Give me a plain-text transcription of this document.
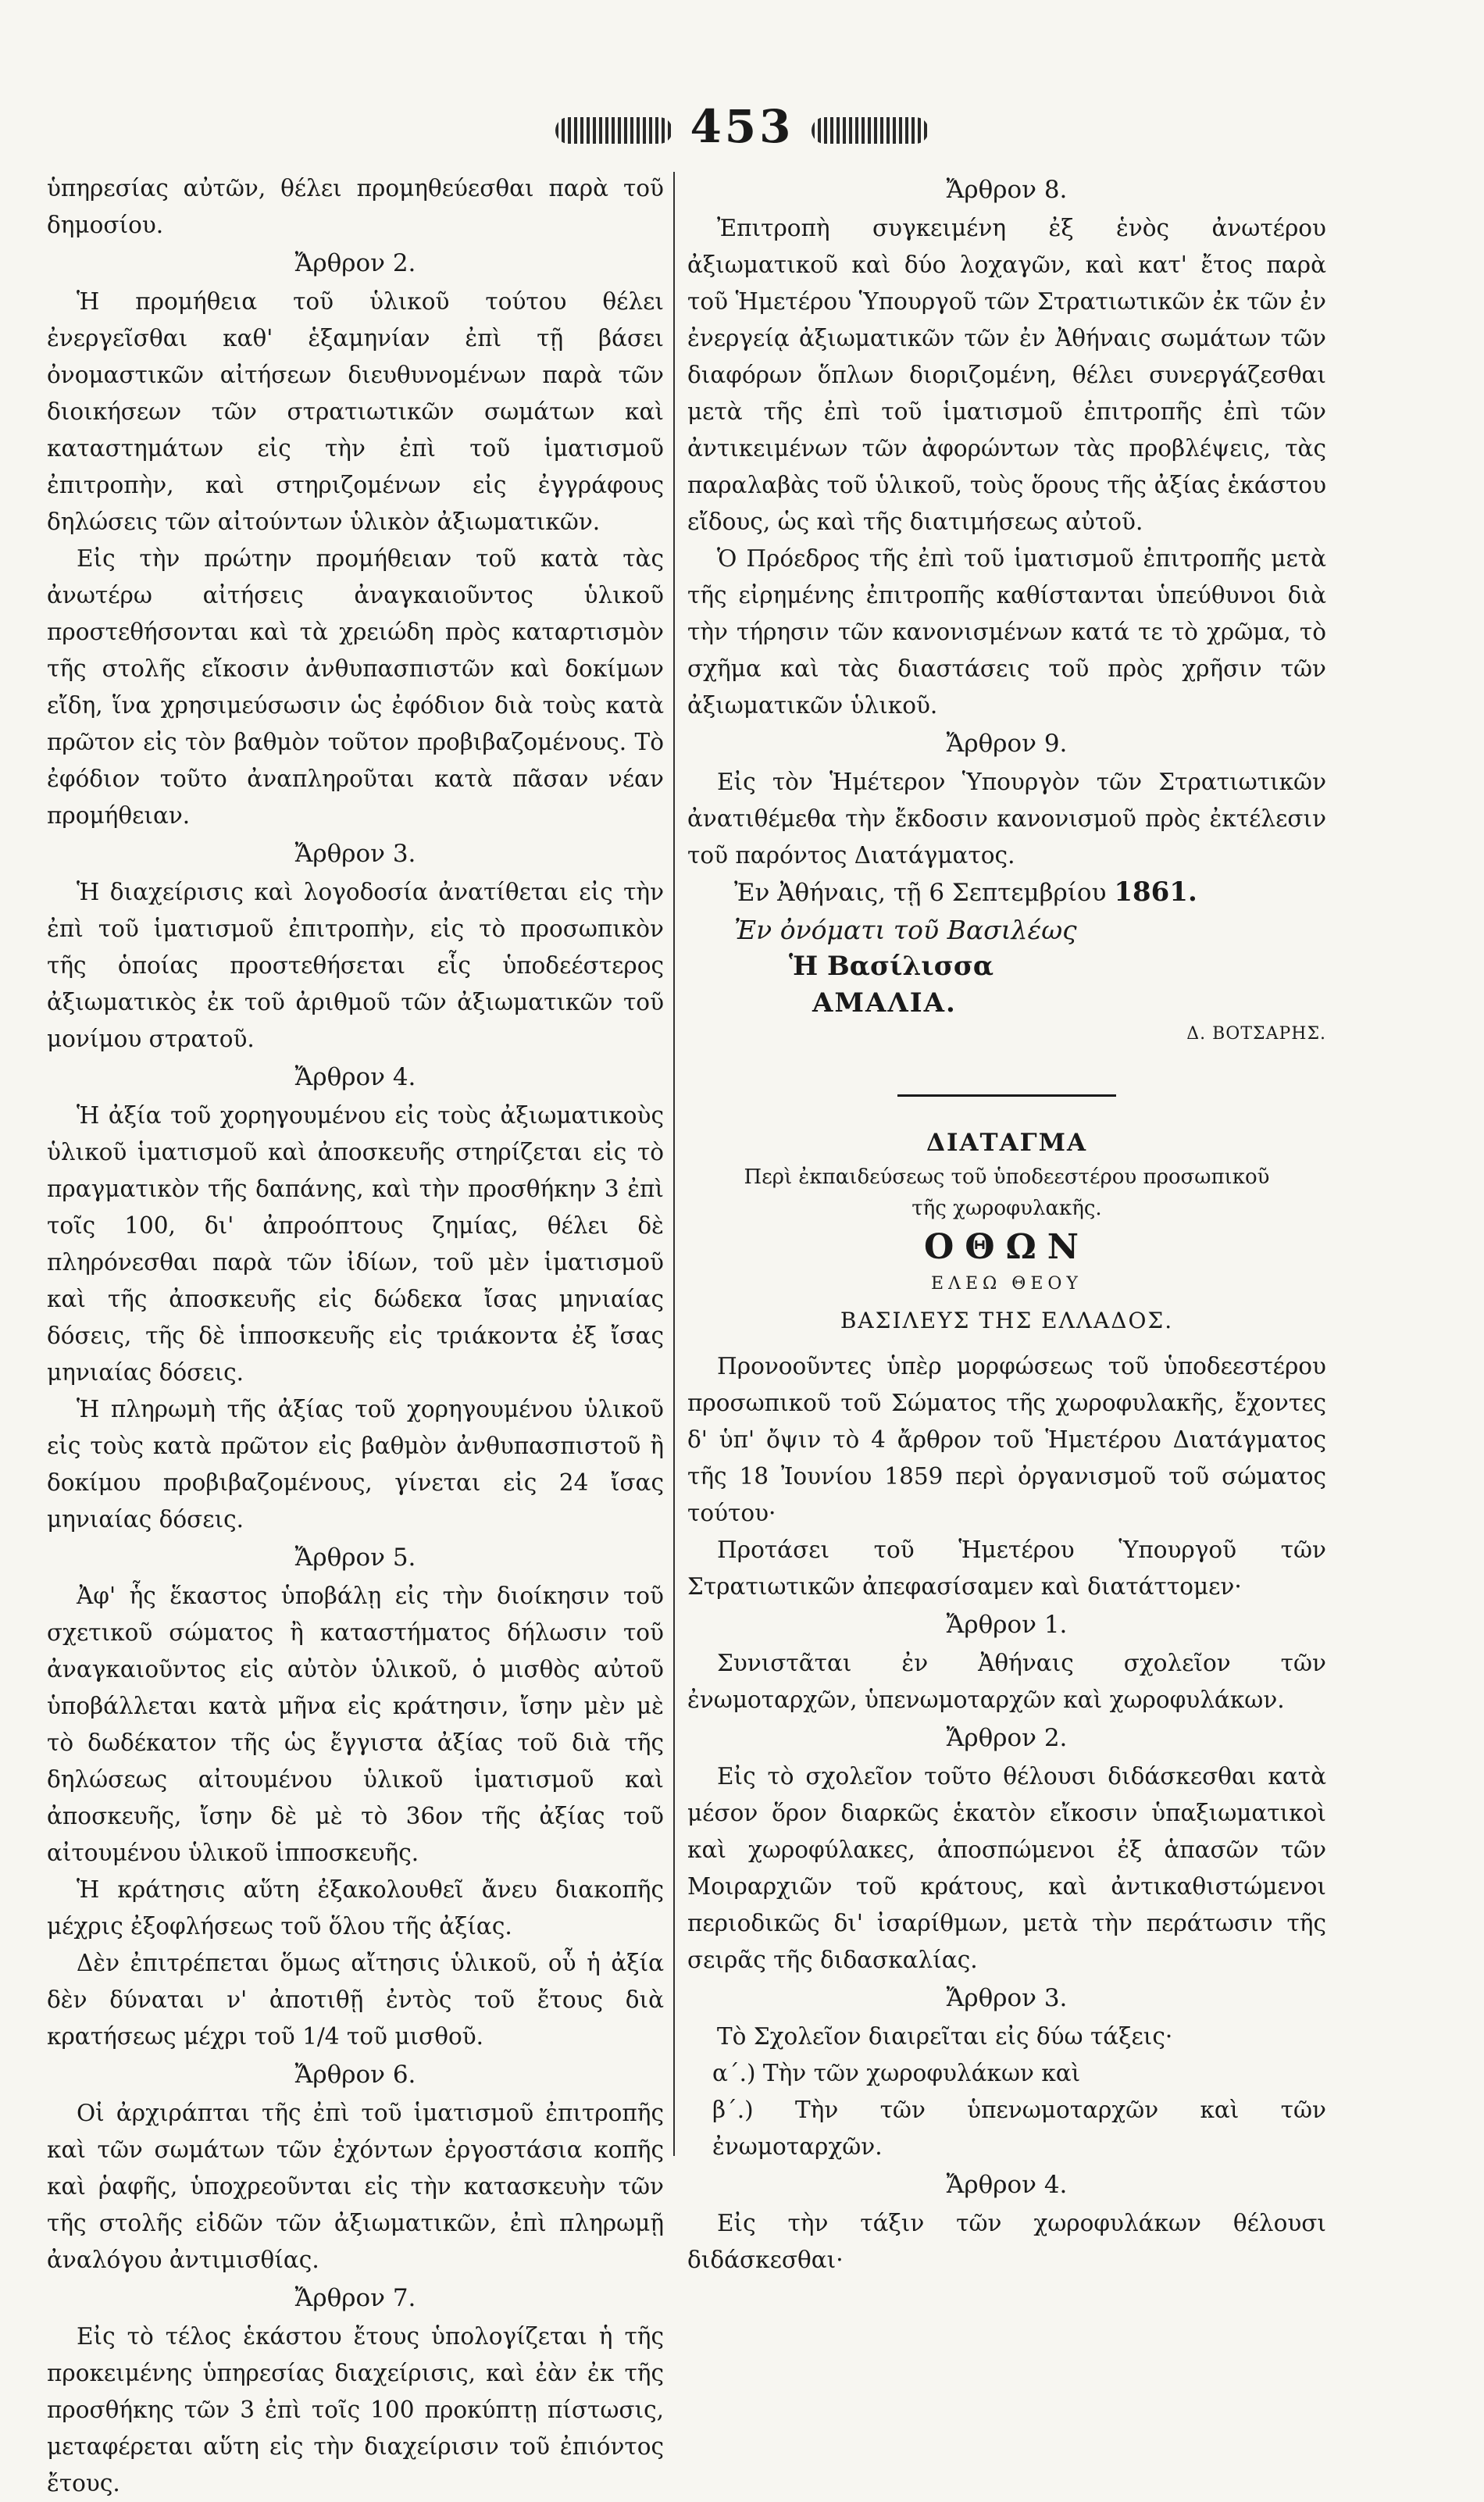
453

ὑπηρεσίας αὐτῶν, θέλει προμηθεύεσθαι παρὰ τοῦ δημοσίου.

Ἄρθρον 2.

Ἡ προμήθεια τοῦ ὑλικοῦ τούτου θέλει ἐνεργεῖσθαι καθ' ἑξαμηνίαν ἐπὶ τῇ βάσει ὀνομαστικῶν αἰτήσεων διευθυνομένων παρὰ τῶν διοικήσεων τῶν στρατιωτικῶν σωμάτων καὶ καταστημάτων εἰς τὴν ἐπὶ τοῦ ἱματισμοῦ ἐπιτροπὴν, καὶ στηριζομένων εἰς ἐγγράφους δηλώσεις τῶν αἰτούντων ὑλικὸν ἀξιωματικῶν.

Εἰς τὴν πρώτην προμήθειαν τοῦ κατὰ τὰς ἀνωτέρω αἰτήσεις ἀναγκαιοῦντος ὑλικοῦ προστεθήσονται καὶ τὰ χρειώδη πρὸς καταρτισμὸν τῆς στολῆς εἴκοσιν ἀνθυπασπιστῶν καὶ δοκίμων εἴδη, ἵνα χρησιμεύσωσιν ὡς ἐφόδιον διὰ τοὺς κατὰ πρῶτον εἰς τὸν βαθμὸν τοῦτον προβιβαζομένους. Τὸ ἐφόδιον τοῦτο ἀναπληροῦται κατὰ πᾶσαν νέαν προμήθειαν.

Ἄρθρον 3.

Ἡ διαχείρισις καὶ λογοδοσία ἀνατίθεται εἰς τὴν ἐπὶ τοῦ ἱματισμοῦ ἐπιτροπὴν, εἰς τὸ προσωπικὸν τῆς ὁποίας προστεθήσεται εἷς ὑποδεέστερος ἀξιωματικὸς ἐκ τοῦ ἀριθμοῦ τῶν ἀξιωματικῶν τοῦ μονίμου στρατοῦ.

Ἄρθρον 4.

Ἡ ἀξία τοῦ χορηγουμένου εἰς τοὺς ἀξιωματικοὺς ὑλικοῦ ἱματισμοῦ καὶ ἀποσκευῆς στηρίζεται εἰς τὸ πραγματικὸν τῆς δαπάνης, καὶ τὴν προσθήκην 3 ἐπὶ τοῖς 100, δι' ἀπροόπτους ζημίας, θέλει δὲ πληρόνεσθαι παρὰ τῶν ἰδίων, τοῦ μὲν ἱματισμοῦ καὶ τῆς ἀποσκευῆς εἰς δώδεκα ἴσας μηνιαίας δόσεις, τῆς δὲ ἱπποσκευῆς εἰς τριάκοντα ἐξ ἴσας μηνιαίας δόσεις.

Ἡ πληρωμὴ τῆς ἀξίας τοῦ χορηγουμένου ὑλικοῦ εἰς τοὺς κατὰ πρῶτον εἰς βαθμὸν ἀνθυπασπιστοῦ ἢ δοκίμου προβιβαζομένους, γίνεται εἰς 24 ἴσας μηνιαίας δόσεις.

Ἄρθρον 5.

Ἀφ' ἧς ἕκαστος ὑποβάλῃ εἰς τὴν διοίκησιν τοῦ σχετικοῦ σώματος ἢ καταστήματος δήλωσιν τοῦ ἀναγκαιοῦντος εἰς αὐτὸν ὑλικοῦ, ὁ μισθὸς αὐτοῦ ὑποβάλλεται κατὰ μῆνα εἰς κράτησιν, ἴσην μὲν μὲ τὸ δωδέκατον τῆς ὡς ἔγγιστα ἀξίας τοῦ διὰ τῆς δηλώσεως αἰτουμένου ὑλικοῦ ἱματισμοῦ καὶ ἀποσκευῆς, ἴσην δὲ μὲ τὸ 36ον τῆς ἀξίας τοῦ αἰτουμένου ὑλικοῦ ἱπποσκευῆς.

Ἡ κράτησις αὕτη ἐξακολουθεῖ ἄνευ διακοπῆς μέχρις ἐξοφλήσεως τοῦ ὅλου τῆς ἀξίας.

Δὲν ἐπιτρέπεται ὅμως αἴτησις ὑλικοῦ, οὗ ἡ ἀξία δὲν δύναται ν' ἀποτιθῇ ἐντὸς τοῦ ἔτους διὰ κρατήσεως μέχρι τοῦ 1/4 τοῦ μισθοῦ.

Ἄρθρον 6.

Οἱ ἀρχιράπται τῆς ἐπὶ τοῦ ἱματισμοῦ ἐπιτροπῆς καὶ τῶν σωμάτων τῶν ἐχόντων ἐργοστάσια κοπῆς καὶ ῥαφῆς, ὑποχρεοῦνται εἰς τὴν κατασκευὴν τῶν τῆς στολῆς εἰδῶν τῶν ἀξιωματικῶν, ἐπὶ πληρωμῇ ἀναλόγου ἀντιμισθίας.

Ἄρθρον 7.

Εἰς τὸ τέλος ἑκάστου ἔτους ὑπολογίζεται ἡ τῆς προκειμένης ὑπηρεσίας διαχείρισις, καὶ ἐὰν ἐκ τῆς προσθήκης τῶν 3 ἐπὶ τοῖς 100 προκύπτῃ πίστωσις, μεταφέρεται αὕτη εἰς τὴν διαχείρισιν τοῦ ἐπιόντος ἔτους.

Ἄρθρον 8.

Ἐπιτροπὴ συγκειμένη ἐξ ἑνὸς ἀνωτέρου ἀξιωματικοῦ καὶ δύο λοχαγῶν, καὶ κατ' ἔτος παρὰ τοῦ Ἡμετέρου Ὑπουργοῦ τῶν Στρατιωτικῶν ἐκ τῶν ἐν ἐνεργείᾳ ἀξιωματικῶν τῶν ἐν Ἀθήναις σωμάτων τῶν διαφόρων ὅπλων διοριζομένη, θέλει συνεργάζεσθαι μετὰ τῆς ἐπὶ τοῦ ἱματισμοῦ ἐπιτροπῆς ἐπὶ τῶν ἀντικειμένων τῶν ἀφορώντων τὰς προβλέψεις, τὰς παραλαβὰς τοῦ ὑλικοῦ, τοὺς ὅρους τῆς ἀξίας ἑκάστου εἴδους, ὡς καὶ τῆς διατιμήσεως αὐτοῦ.

Ὁ Πρόεδρος τῆς ἐπὶ τοῦ ἱματισμοῦ ἐπιτροπῆς μετὰ τῆς εἰρημένης ἐπιτροπῆς καθίστανται ὑπεύθυνοι διὰ τὴν τήρησιν τῶν κανονισμένων κατά τε τὸ χρῶμα, τὸ σχῆμα καὶ τὰς διαστάσεις τοῦ πρὸς χρῆσιν τῶν ἀξιωματικῶν ὑλικοῦ.

Ἄρθρον 9.

Εἰς τὸν Ἡμέτερον Ὑπουργὸν τῶν Στρατιωτικῶν ἀνατιθέμεθα τὴν ἔκδοσιν κανονισμοῦ πρὸς ἐκτέλεσιν τοῦ παρόντος Διατάγματος.

Ἐν Ἀθήναις, τῇ 6 Σεπτεμβρίου 1861.

Ἐν ὀνόματι τοῦ Βασιλέως

Ἡ Βασίλισσα

ΑΜΑΛΙΑ.

Δ. ΒΟΤΣΑΡΗΣ.
ΔΙΑΤΑΓΜΑ
Περὶ ἐκπαιδεύσεως τοῦ ὑποδεεστέρου προσωπικοῦ
τῆς χωροφυλακῆς.
ΟΘΩΝ
ΕΛΕΩ ΘΕΟΥ
ΒΑΣΙΛΕΥΣ ΤΗΣ ΕΛΛΑΔΟΣ.

Προνοοῦντες ὑπὲρ μορφώσεως τοῦ ὑποδεεστέρου προσωπικοῦ τοῦ Σώματος τῆς χωροφυλακῆς, ἔχοντες δ' ὑπ' ὄψιν τὸ 4 ἄρθρον τοῦ Ἡμετέρου Διατάγματος τῆς 18 Ἰουνίου 1859 περὶ ὀργανισμοῦ τοῦ σώματος τούτου·

Προτάσει τοῦ Ἡμετέρου Ὑπουργοῦ τῶν Στρατιωτικῶν ἀπεφασίσαμεν καὶ διατάττομεν·

Ἄρθρον 1.

Συνιστᾶται ἐν Ἀθήναις σχολεῖον τῶν ἐνωμοταρχῶν, ὑπενωμοταρχῶν καὶ χωροφυλάκων.

Ἄρθρον 2.

Εἰς τὸ σχολεῖον τοῦτο θέλουσι διδάσκεσθαι κατὰ μέσον ὅρον διαρκῶς ἑκατὸν εἴκοσιν ὑπαξιωματικοὶ καὶ χωροφύλακες, ἀποσπώμενοι ἐξ ἁπασῶν τῶν Μοιραρχιῶν τοῦ κράτους, καὶ ἀντικαθιστώμενοι περιοδικῶς δι' ἰσαρίθμων, μετὰ τὴν περάτωσιν τῆς σειρᾶς τῆς διδασκαλίας.

Ἄρθρον 3.

Τὸ Σχολεῖον διαιρεῖται εἰς δύω τάξεις·

α΄.) Τὴν τῶν χωροφυλάκων καὶ

β΄.) Τὴν τῶν ὑπενωμοταρχῶν καὶ τῶν ἐνωμοταρχῶν.

Ἄρθρον 4.

Εἰς τὴν τάξιν τῶν χωροφυλάκων θέλουσι διδάσκεσθαι·
